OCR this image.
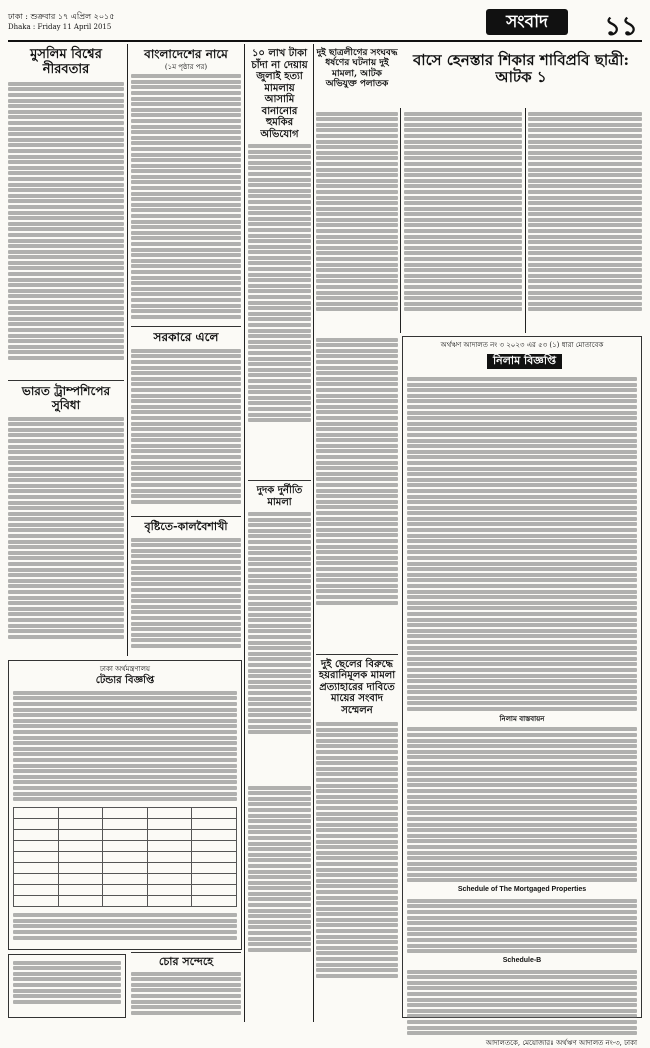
ঢাকা : শুক্রবার ১৭ এপ্রিল ২০১৫
Dhaka : Friday 11 April 2015	সংবাদ	১১
মুসলিম বিশ্বের নীরবতার
ভারত ট্রাম্পশিপের সুবিধা
বাংলাদেশের নামে
(১ম পৃষ্ঠার পর)
সরকারে এলে
বৃষ্টিতে-কালবৈশাখী
ঢাকা অর্থমন্ত্রণালয়
টেন্ডার বিজ্ঞপ্তি

চোর সন্দেহে
১০ লাখ টাকা চাঁদা না দেয়ায় জুলাই হত্যা মামলায় আসামি বানানোর হুমকির অভিযোগ
দুদক দুর্নীতি মামলা
দুই ছাত্রলীগের সংঘবদ্ধ ধর্ষণের ঘটনায় দুই মামলা, আটক অভিযুক্ত পলাতক
বাসে হেনস্তার শিকার শাবিপ্রবি ছাত্রী: আটক ১
দুই ছেলের বিরুদ্ধে হয়রানিমূলক মামলা প্রত্যাহারের দাবিতে মায়ের সংবাদ সম্মেলন
অর্থঋণ আদালত নং ৩ ২০২৩ এর ৫৩ (১) ধারা মোতাবেক
নিলাম বিজ্ঞপ্তি
নিলাম বাস্তবায়ন
Schedule of The Mortgaged Properties
Schedule-B
আদালতকে, মেয়োজারঃ অর্থঋণ আদালত নং-৩, ঢাকা
